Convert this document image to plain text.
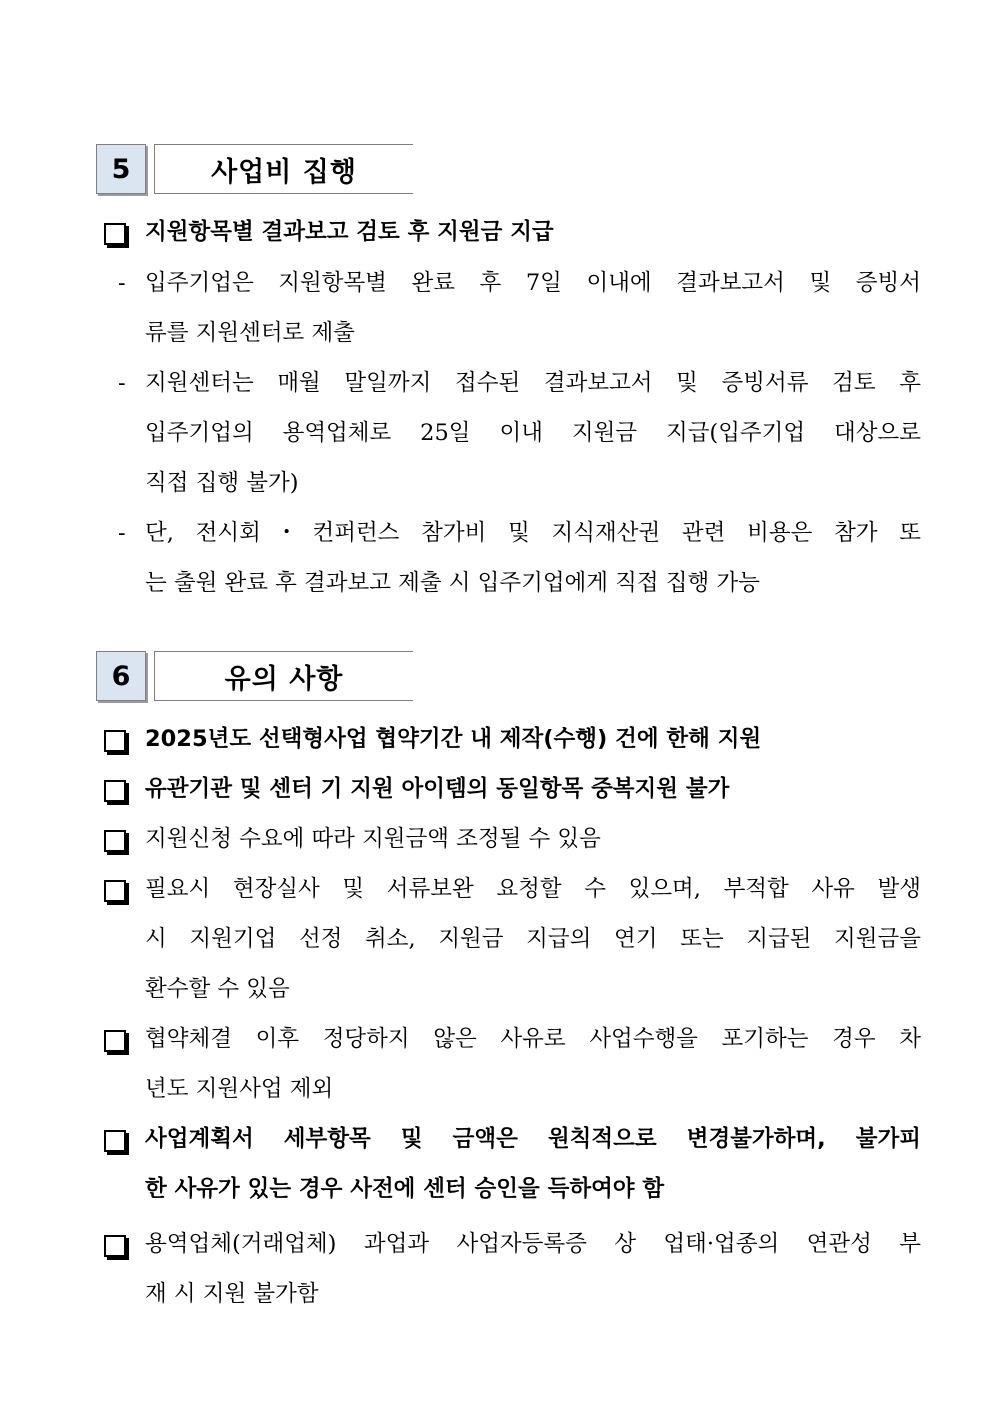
5	사업비 집행
지원항목별 결과보고 검토 후 지원금 지급
- 입주기업은 지원항목별 완료 후 7일 이내에 결과보고서 및 증빙서
류를 지원센터로 제출
- 지원센터는 매월 말일까지 접수된 결과보고서 및 증빙서류 검토 후
입주기업의 용역업체로 25일 이내 지원금 지급(입주기업 대상으로
직접 집행 불가)
- 단, 전시회・컨퍼런스 참가비 및 지식재산권 관련 비용은 참가 또
는 출원 완료 후 결과보고 제출 시 입주기업에게 직접 집행 가능
6	유의 사항
2025년도 선택형사업 협약기간 내 제작(수행) 건에 한해 지원
유관기관 및 센터 기 지원 아이템의 동일항목 중복지원 불가
지원신청 수요에 따라 지원금액 조정될 수 있음
필요시 현장실사 및 서류보완 요청할 수 있으며, 부적합 사유 발생
시 지원기업 선정 취소, 지원금 지급의 연기 또는 지급된 지원금을
환수할 수 있음
협약체결 이후 정당하지 않은 사유로 사업수행을 포기하는 경우 차
년도 지원사업 제외
사업계획서 세부항목 및 금액은 원칙적으로 변경불가하며, 불가피
한 사유가 있는 경우 사전에 센터 승인을 득하여야 함
용역업체(거래업체) 과업과 사업자등록증 상 업태·업종의 연관성 부
재 시 지원 불가함
